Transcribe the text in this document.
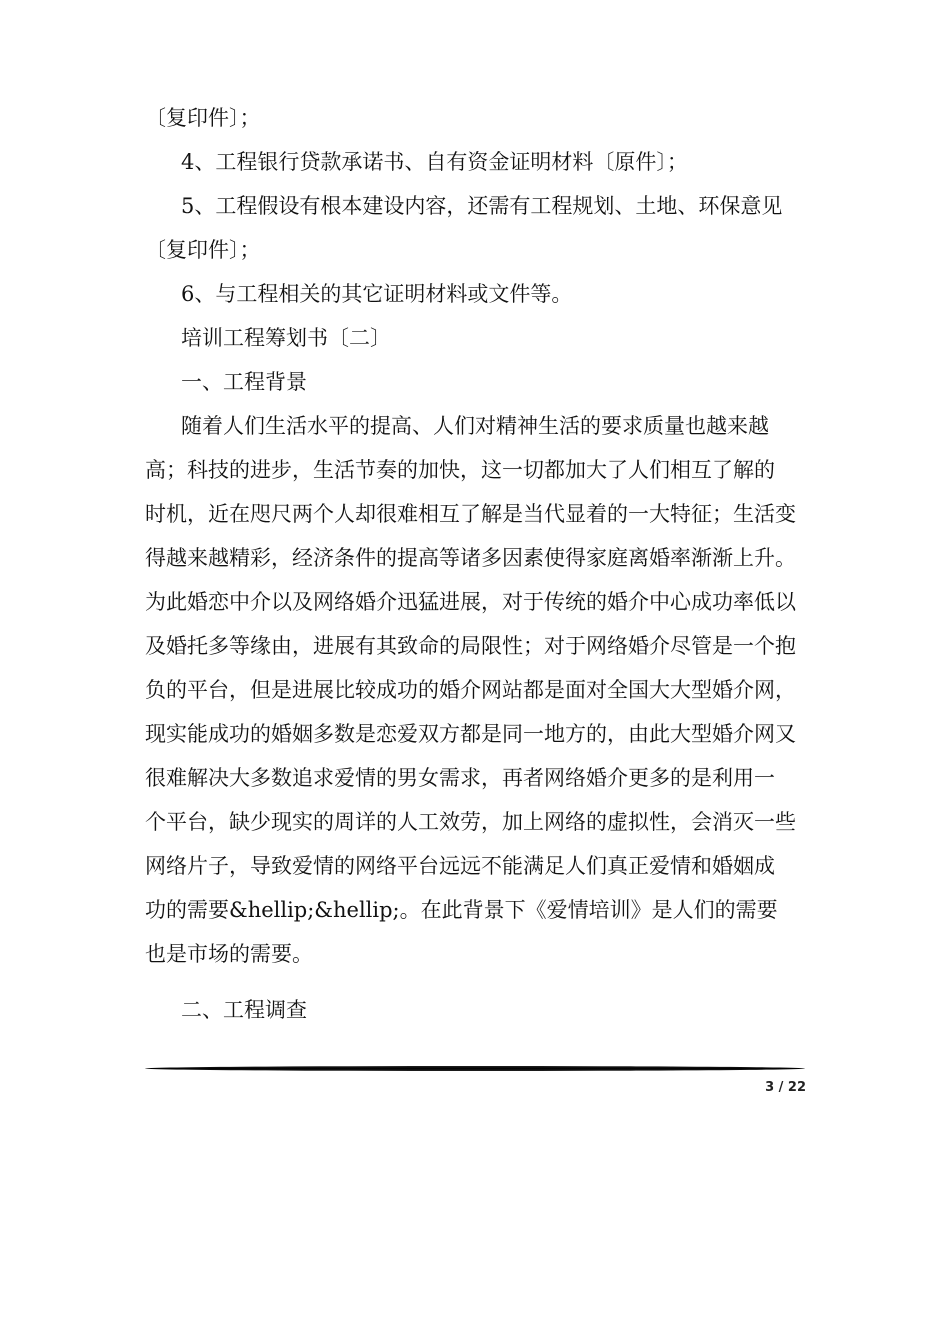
〔复印件〕；
4、工程银行贷款承诺书、自有资金证明材料〔原件〕；
5、工程假设有根本建设内容，还需有工程规划、土地、环保意见
〔复印件〕；
6、与工程相关的其它证明材料或文件等。
培训工程筹划书〔二〕
一、工程背景
随着人们生活水平的提高、人们对精神生活的要求质量也越来越
高；科技的进步，生活节奏的加快，这一切都加大了人们相互了解的
时机，近在咫尺两个人却很难相互了解是当代显着的一大特征；生活变
得越来越精彩，经济条件的提高等诸多因素使得家庭离婚率渐渐上升。
为此婚恋中介以及网络婚介迅猛进展，对于传统的婚介中心成功率低以
及婚托多等缘由，进展有其致命的局限性；对于网络婚介尽管是一个抱
负的平台，但是进展比较成功的婚介网站都是面对全国大大型婚介网，
现实能成功的婚姻多数是恋爱双方都是同一地方的，由此大型婚介网又
很难解决大多数追求爱情的男女需求，再者网络婚介更多的是利用一
个平台，缺少现实的周详的人工效劳，加上网络的虚拟性，会消灭一些
网络片子，导致爱情的网络平台远远不能满足人们真正爱情和婚姻成
功的需要&hellip;&hellip;。在此背景下《爱情培训》是人们的需要
也是市场的需要。
二、工程调查
3 / 22
